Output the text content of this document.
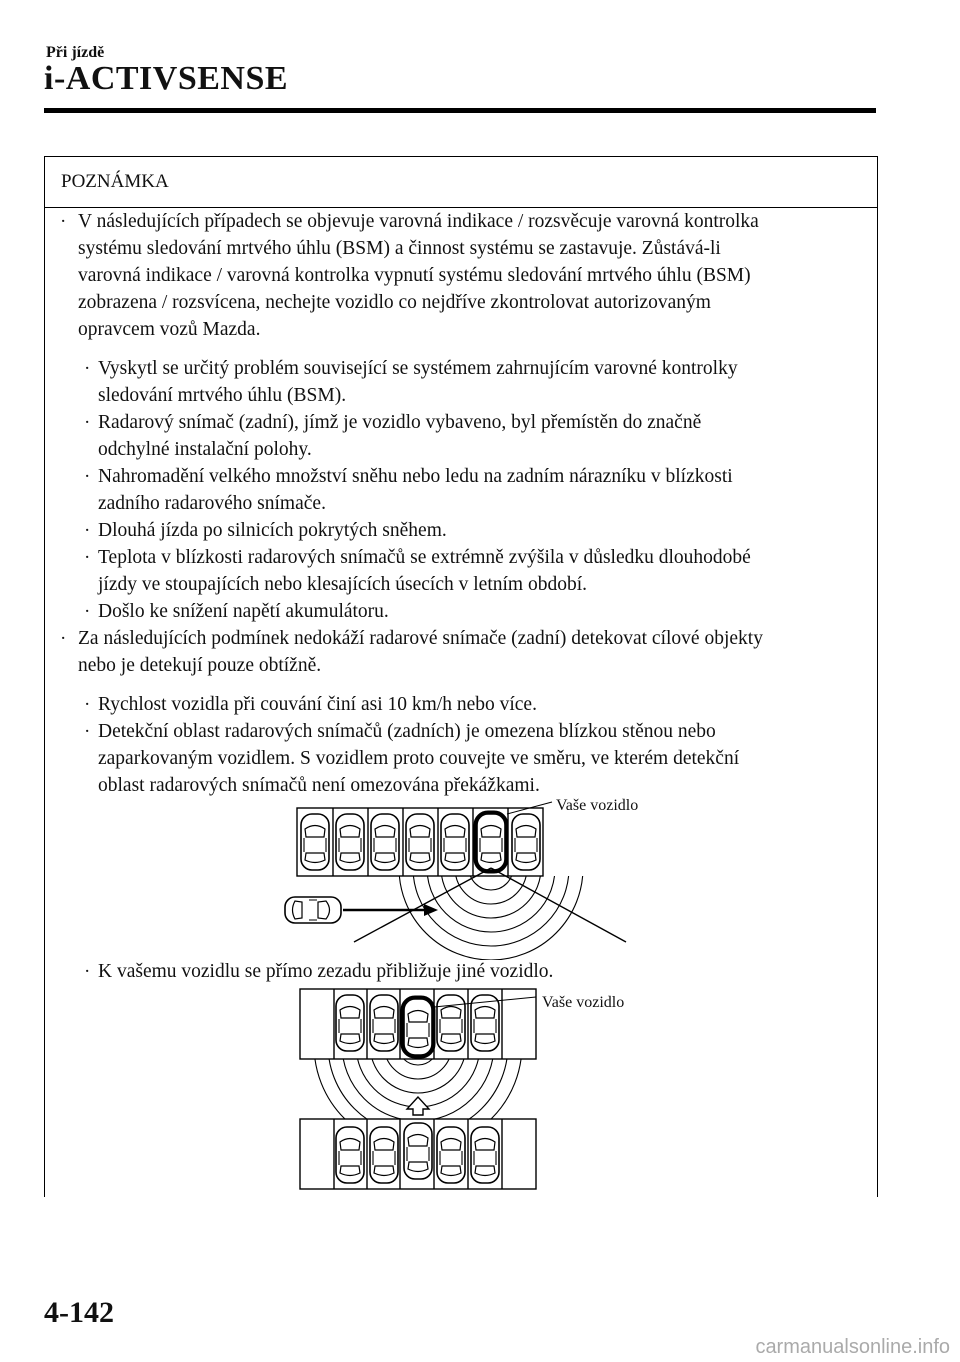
Při jízdě
i-ACTIVSENSE
POZNÁMKA
· V následujících případech se objevuje varovná indikace / rozsvěcuje varovná kontrolka
systému sledování mrtvého úhlu (BSM) a činnost systému se zastavuje. Zůstává-li
varovná indikace / varovná kontrolka vypnutí systému sledování mrtvého úhlu (BSM)
zobrazena / rozsvícena, nechejte vozidlo co nejdříve zkontrolovat autorizovaným
opravcem vozů Mazda.
· Vyskytl se určitý problém související se systémem zahrnujícím varovné kontrolky
sledování mrtvého úhlu (BSM).
· Radarový snímač (zadní), jímž je vozidlo vybaveno, byl přemístěn do značně
odchylné instalační polohy.
· Nahromadění velkého množství sněhu nebo ledu na zadním nárazníku v blízkosti
zadního radarového snímače.
· Dlouhá jízda po silnicích pokrytých sněhem.
· Teplota v blízkosti radarových snímačů se extrémně zvýšila v důsledku dlouhodobé
jízdy ve stoupajících nebo klesajících úsecích v letním období.
· Došlo ke snížení napětí akumulátoru.
· Za následujících podmínek nedokáží radarové snímače (zadní) detekovat cílové objekty
nebo je detekují pouze obtížně.
· Rychlost vozidla při couvání činí asi 10 km/h nebo více.
· Detekční oblast radarových snímačů (zadních) je omezena blízkou stěnou nebo
zaparkovaným vozidlem. S vozidlem proto couvejte ve směru, ve kterém detekční
oblast radarových snímačů není omezována překážkami.
Vaše vozidlo
· K vašemu vozidlu se přímo zezadu přibližuje jiné vozidlo.
Vaše vozidlo
4-142
carmanualsonline.info
